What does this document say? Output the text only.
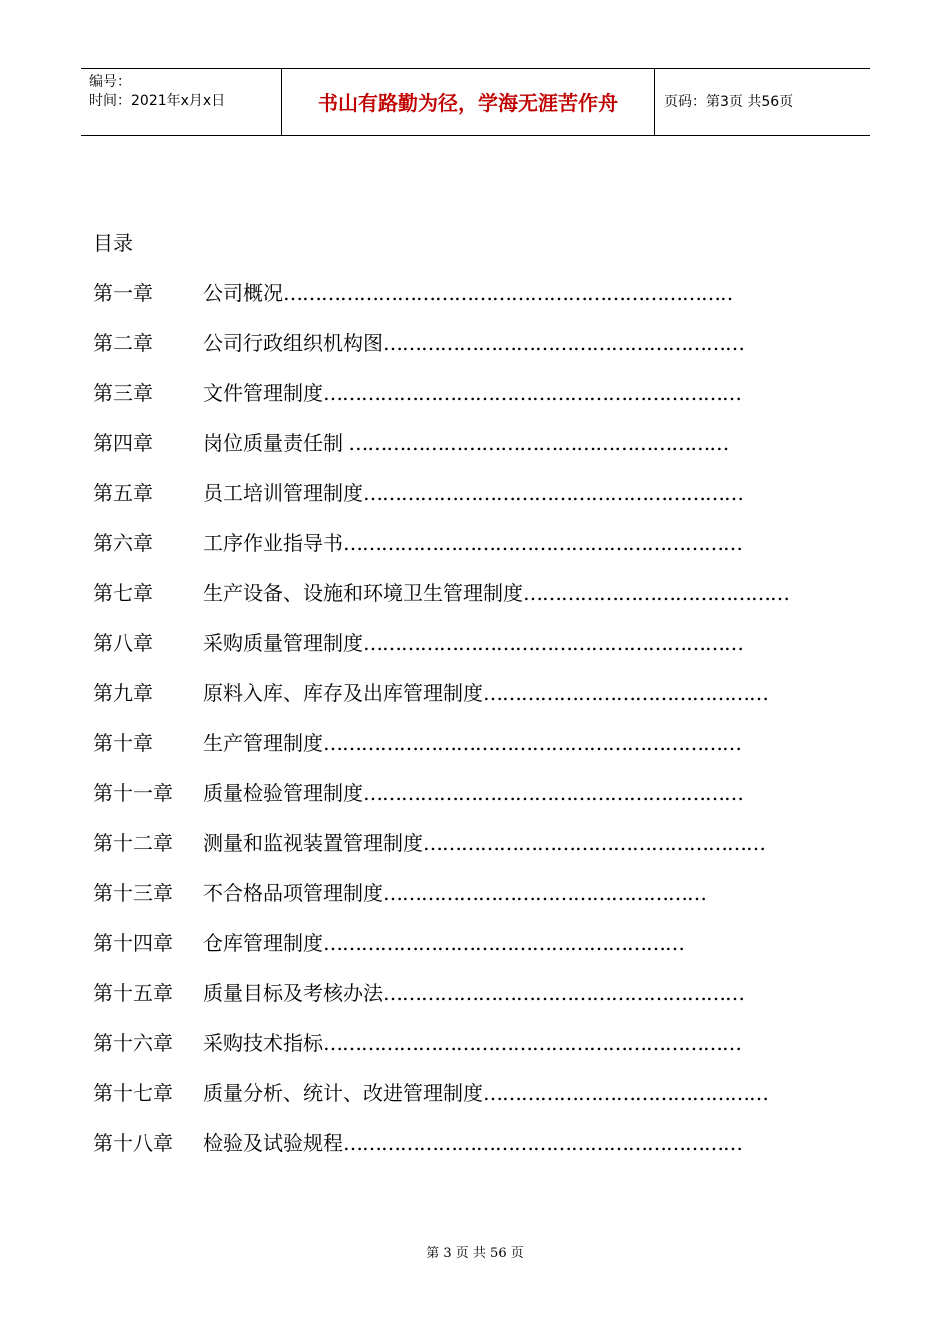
编号：
时间：2021年x月x日	书山有路勤为径，学海无涯苦作舟	页码：第3页 共56页
目录
第一章	公司概况……………………………………………………………‥
第二章	公司行政组织机构图…………………………………………………
第三章	文件管理制度…………………………………………………………
第四章	岗位质量责任制 ……………………………………………………
第五章	员工培训管理制度……………………………………………………
第六章	工序作业指导书………………………………………………………
第七章	生产设备、设施和环境卫生管理制度……………………………………
第八章	采购质量管理制度……………………………………………………
第九章	原料入库、库存及出库管理制度………………………………………
第十章	生产管理制度…………………………………………………………
第十一章 质量检验管理制度……………………………………………………
第十二章 测量和监视装置管理制度………………………………………………
第十三章 不合格品项管理制度……………………………………………
第十四章 仓库管理制度…………………………………………………
第十五章 质量目标及考核办法…………………………………………………
第十六章 采购技术指标…………………………………………………………
第十七章 质量分析、统计、改进管理制度………………………………………
第十八章 检验及试验规程………………………………………………………
第 3 页 共 56 页
